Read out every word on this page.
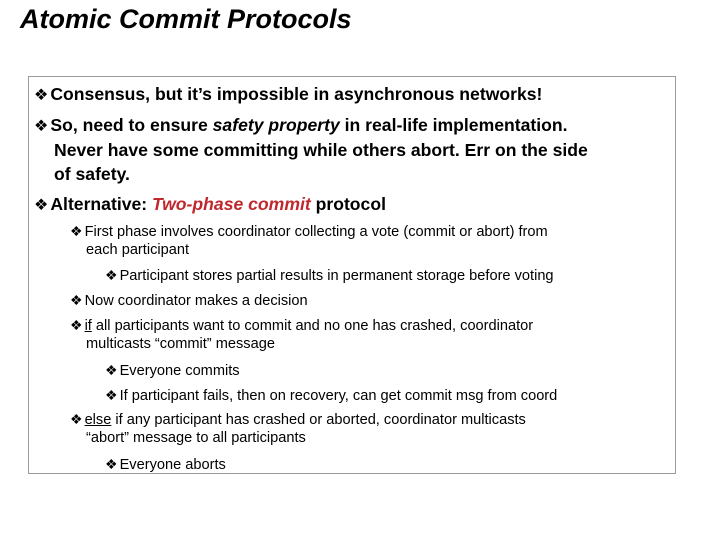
Atomic Commit Protocols
❖ Consensus, but it’s impossible in asynchronous networks!
❖ So, need to ensure safety property in real-life implementation.
Never have some committing while others abort. Err on the side
of safety.
❖ Alternative: Two-phase commit protocol
❖ First phase involves coordinator collecting a vote (commit or abort) from
each participant
❖ Participant stores partial results in permanent storage before voting
❖ Now coordinator makes a decision
❖ if all participants want to commit and no one has crashed, coordinator
multicasts “commit” message
❖ Everyone commits
❖ If participant fails, then on recovery, can get commit msg from coord
❖ else if any participant has crashed or aborted, coordinator multicasts
“abort” message to all participants
❖ Everyone aborts
